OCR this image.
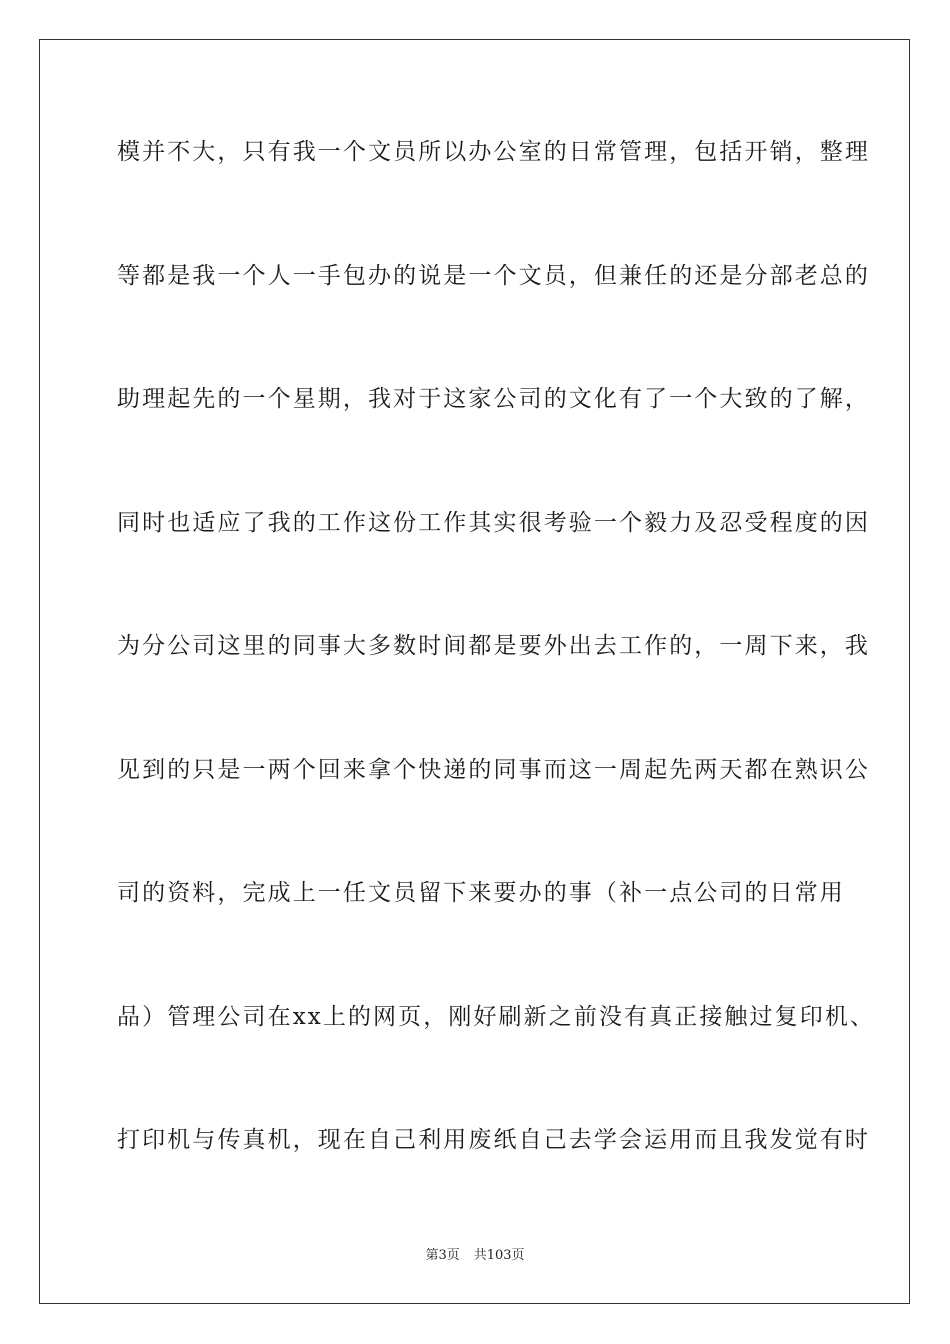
模并不大，只有我一个文员所以办公室的日常管理，包括开销，整理
等都是我一个人一手包办的说是一个文员，但兼任的还是分部老总的
助理起先的一个星期，我对于这家公司的文化有了一个大致的了解，
同时也适应了我的工作这份工作其实很考验一个毅力及忍受程度的因
为分公司这里的同事大多数时间都是要外出去工作的，一周下来，我
见到的只是一两个回来拿个快递的同事而这一周起先两天都在熟识公
司的资料，完成上一任文员留下来要办的事（补一点公司的日常用
品）管理公司在xx上的网页，刚好刷新之前没有真正接触过复印机、
打印机与传真机，现在自己利用废纸自己去学会运用而且我发觉有时
第3页 共103页
